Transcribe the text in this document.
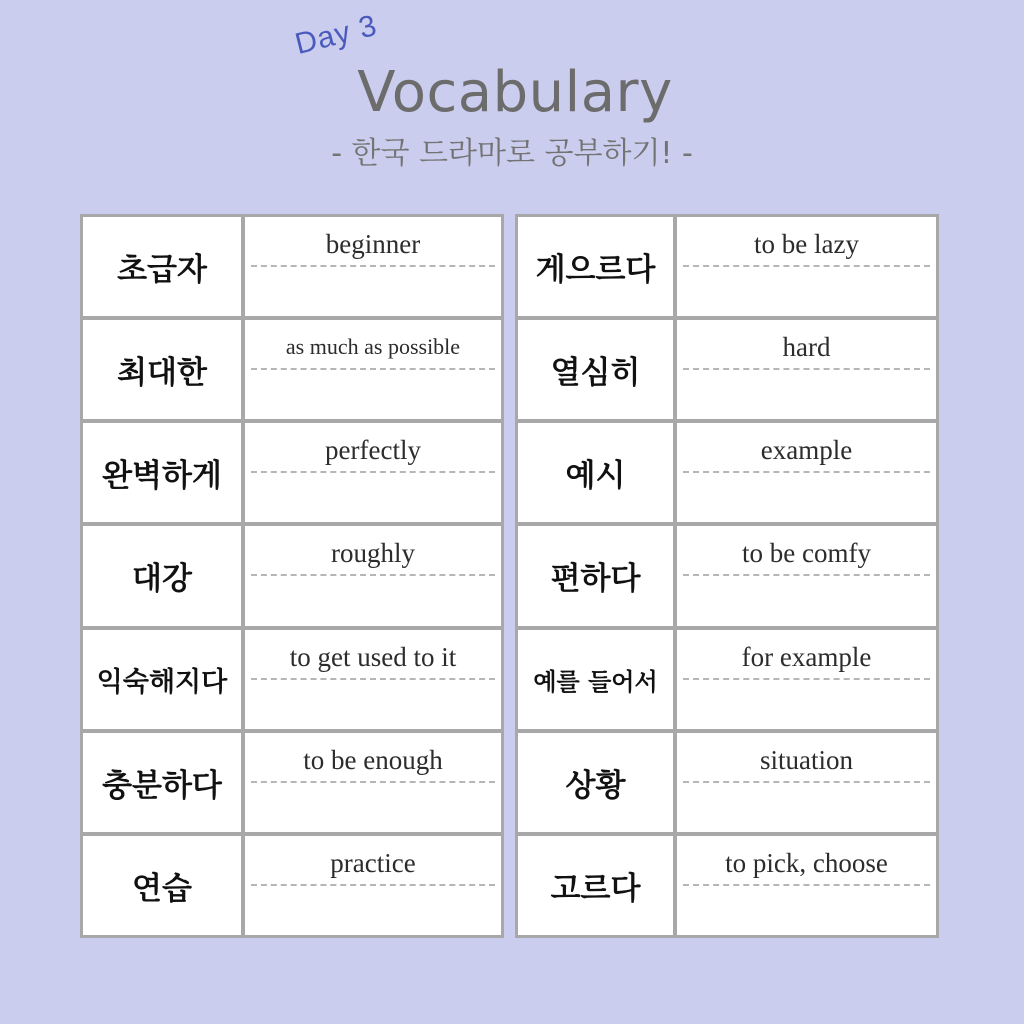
Day 3
Vocabulary
- 한국 드라마로 공부하기! -
초급자
beginner
최대한
as much as possible
완벽하게
perfectly
대강
roughly
익숙해지다
to get used to it
충분하다
to be enough
연습
practice
게으르다
to be lazy
열심히
hard
예시
example
편하다
to be comfy
예를 들어서
for example
상황
situation
고르다
to pick, choose
